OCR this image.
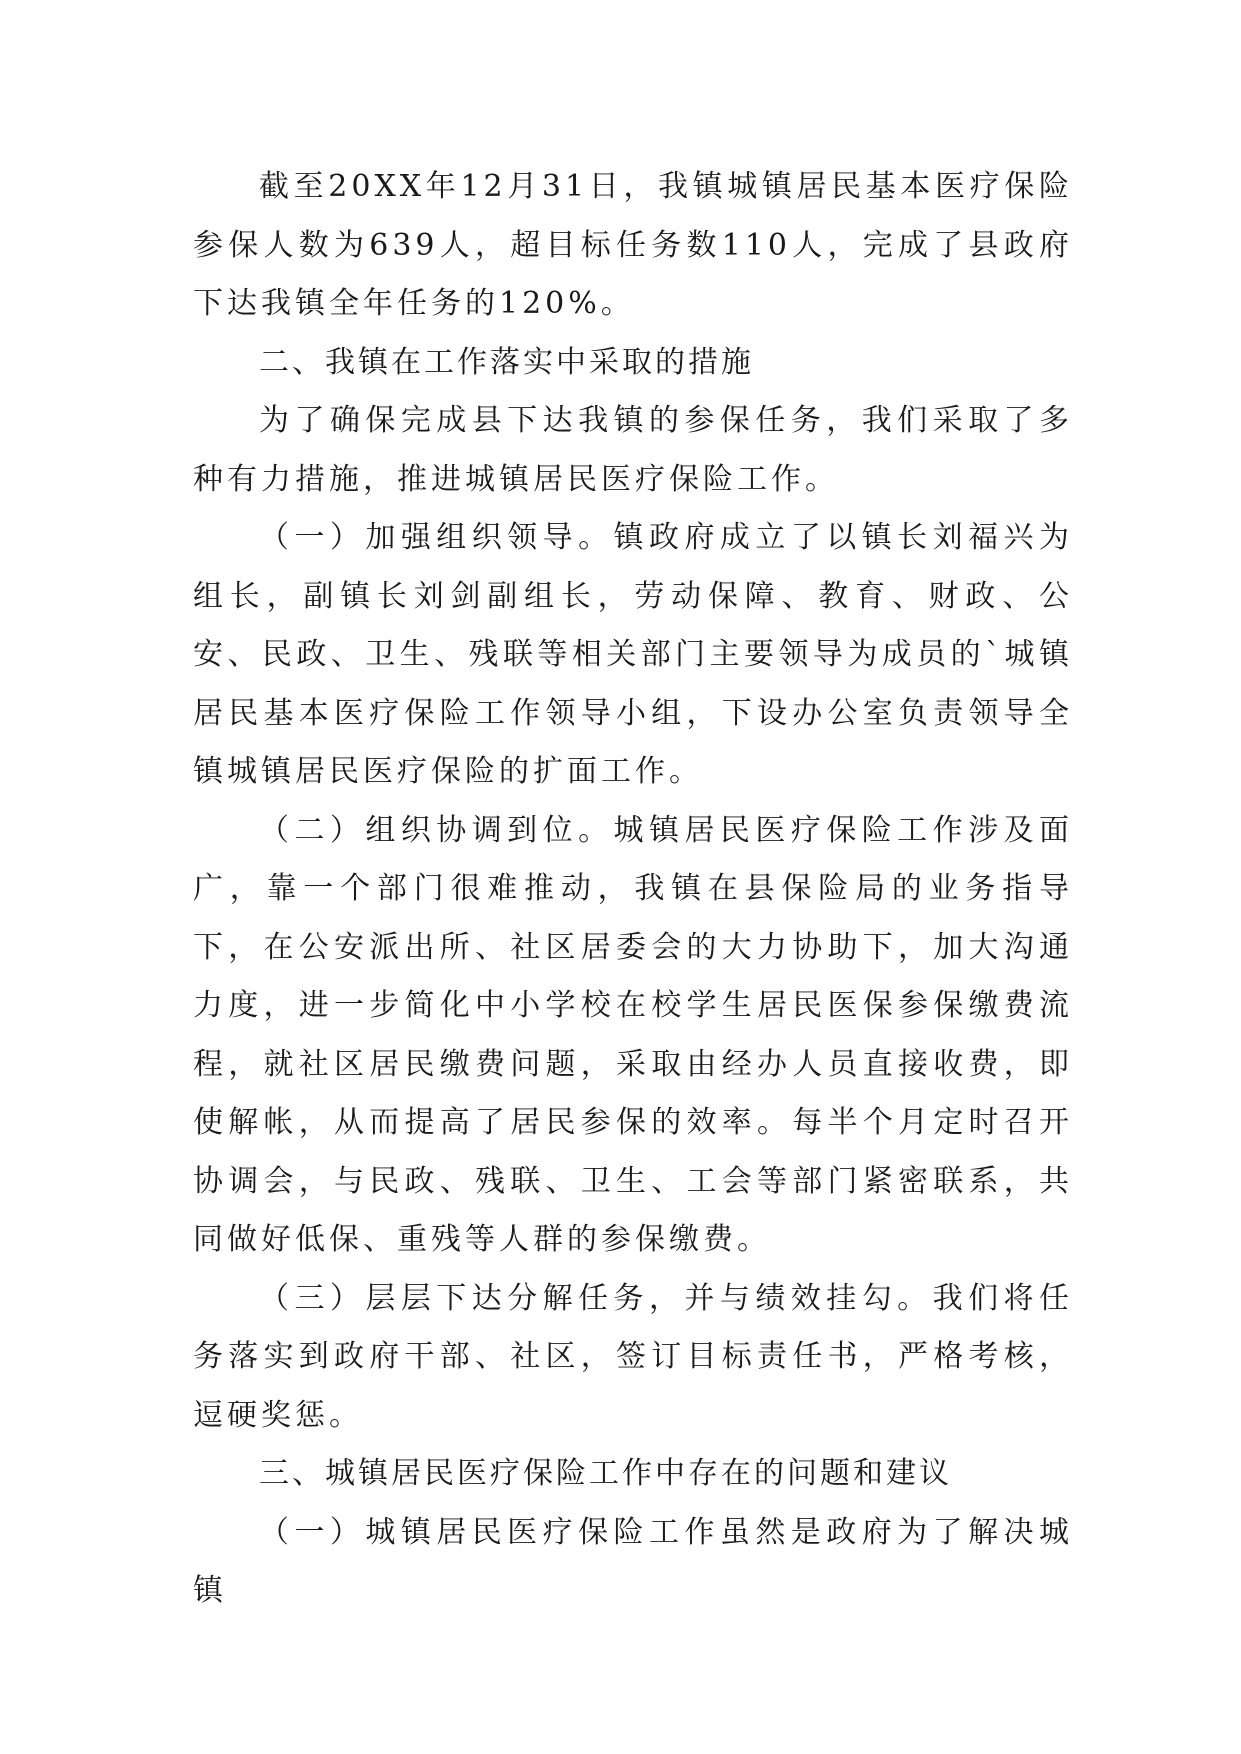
截至20XX年12月31日，我镇城镇居民基本医疗保险参保人数为639人，超目标任务数110人，完成了县政府下达我镇全年任务的120%。

二、我镇在工作落实中采取的措施

为了确保完成县下达我镇的参保任务，我们采取了多种有力措施，推进城镇居民医疗保险工作。

（一）加强组织领导。镇政府成立了以镇长刘福兴为组长，副镇长刘剑副组长，劳动保障、教育、财政、公安、民政、卫生、残联等相关部门主要领导为成员的`城镇居民基本医疗保险工作领导小组，下设办公室负责领导全镇城镇居民医疗保险的扩面工作。

（二）组织协调到位。城镇居民医疗保险工作涉及面广，靠一个部门很难推动，我镇在县保险局的业务指导下，在公安派出所、社区居委会的大力协助下，加大沟通力度，进一步简化中小学校在校学生居民医保参保缴费流程，就社区居民缴费问题，采取由经办人员直接收费，即使解帐，从而提高了居民参保的效率。每半个月定时召开协调会，与民政、残联、卫生、工会等部门紧密联系，共同做好低保、重残等人群的参保缴费。

（三）层层下达分解任务，并与绩效挂勾。我们将任务落实到政府干部、社区，签订目标责任书，严格考核，逗硬奖惩。

三、城镇居民医疗保险工作中存在的问题和建议

（一）城镇居民医疗保险工作虽然是政府为了解决城镇
